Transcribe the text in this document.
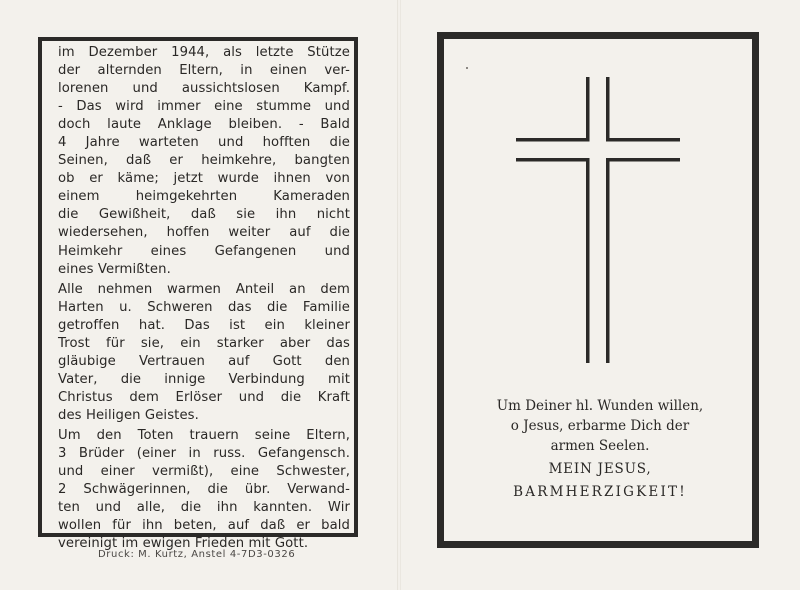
im Dezember 1944, als letzte Stütze
der alternden Eltern, in einen ver-
lorenen und aussichtslosen Kampf.
- Das wird immer eine stumme und
doch laute Anklage bleiben. - Bald
4 Jahre warteten und hofften die
Seinen, daß er heimkehre, bangten
ob er käme; jetzt wurde ihnen von
einem heimgekehrten Kameraden
die Gewißheit, daß sie ihn nicht
wiedersehen, hoffen weiter auf die
Heimkehr eines Gefangenen und
eines Vermißten.

Alle nehmen warmen Anteil an dem
Harten u. Schweren das die Familie
getroffen hat. Das ist ein kleiner
Trost für sie, ein starker aber das
gläubige Vertrauen auf Gott den
Vater, die innige Verbindung mit
Christus dem Erlöser und die Kraft
des Heiligen Geistes.

Um den Toten trauern seine Eltern,
3 Brüder (einer in russ. Gefangensch.
und einer vermißt), eine Schwester,
2 Schwägerinnen, die übr. Verwand-
ten und alle, die ihn kannten. Wir
wollen für ihn beten, auf daß er bald
vereinigt im ewigen Frieden mit Gott.

Druck: M. Kurtz, Anstel 4-7D3-0326
Um Deiner hl. Wunden willen,
o Jesus, erbarme Dich der
armen Seelen.
MEIN JESUS,
BARMHERZIGKEIT!
